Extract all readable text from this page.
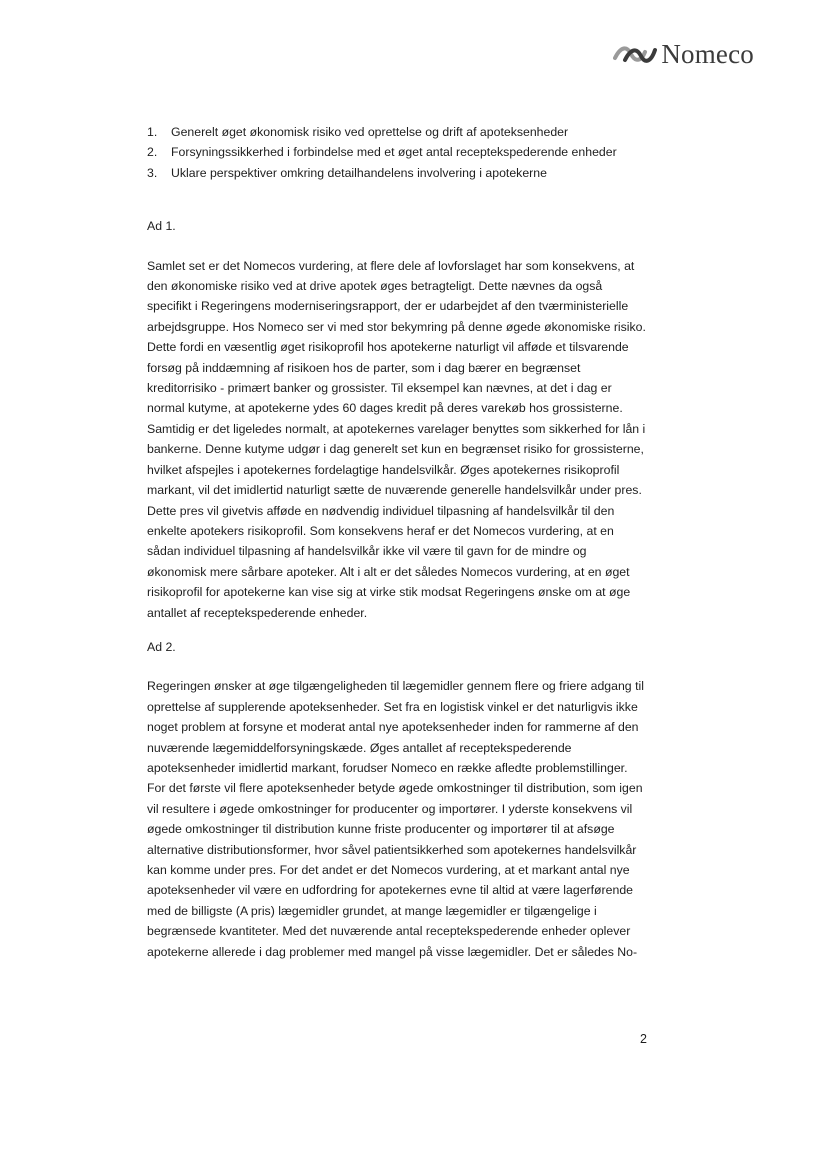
Nomeco
1.	Generelt øget økonomisk risiko ved oprettelse og drift af apoteksenheder
2.	Forsyningssikkerhed i forbindelse med et øget antal receptekspederende enheder
3.	Uklare perspektiver omkring detailhandelens involvering i apotekerne
Ad 1.

Samlet set er det Nomecos vurdering, at flere dele af lovforslaget har som konsekvens, at den økonomiske risiko ved at drive apotek øges betragteligt. Dette nævnes da også specifikt i Regeringens moderniseringsrapport, der er udarbejdet af den tværministerielle arbejdsgruppe. Hos Nomeco ser vi med stor bekymring på denne øgede økonomiske risiko. Dette fordi en væsentlig øget risikoprofil hos apotekerne naturligt vil afføde et tilsvarende forsøg på inddæmning af risikoen hos de parter, som i dag bærer en begrænset kreditorrisiko - primært banker og grossister. Til eksempel kan nævnes, at det i dag er normal kutyme, at apotekerne ydes 60 dages kredit på deres varekøb hos grossisterne. Samtidig er det ligeledes normalt, at apotekernes varelager benyttes som sikkerhed for lån i bankerne. Denne kutyme udgør i dag generelt set kun en begrænset risiko for grossisterne, hvilket afspejles i apotekernes fordelagtige handelsvilkår. Øges apotekernes risikoprofil markant, vil det imidlertid naturligt sætte de nuværende generelle handelsvilkår under pres. Dette pres vil givetvis afføde en nødvendig individuel tilpasning af handelsvilkår til den enkelte apotekers risikoprofil. Som konsekvens heraf er det Nomecos vurdering, at en sådan individuel tilpasning af handelsvilkår ikke vil være til gavn for de mindre og økonomisk mere sårbare apoteker. Alt i alt er det således Nomecos vurdering, at en øget risikoprofil for apotekerne kan vise sig at virke stik modsat Regeringens ønske om at øge antallet af receptekspederende enheder.

Ad 2.

Regeringen ønsker at øge tilgængeligheden til lægemidler gennem flere og friere adgang til oprettelse af supplerende apoteksenheder. Set fra en logistisk vinkel er det naturligvis ikke noget problem at forsyne et moderat antal nye apoteksenheder inden for rammerne af den nuværende lægemiddelforsyningskæde. Øges antallet af receptekspederende apoteksenheder imidlertid markant, forudser Nomeco en række afledte problemstillinger. For det første vil flere apoteksenheder betyde øgede omkostninger til distribution, som igen vil resultere i øgede omkostninger for producenter og importører. I yderste konsekvens vil øgede omkostninger til distribution kunne friste producenter og importører til at afsøge alternative distributionsformer, hvor såvel patientsikkerhed som apotekernes handelsvilkår kan komme under pres. For det andet er det Nomecos vurdering, at et markant antal nye apoteksenheder vil være en udfordring for apotekernes evne til altid at være lagerførende med de billigste (A pris) lægemidler grundet, at mange lægemidler er tilgængelige i begrænsede kvantiteter. Med det nuværende antal receptekspederende enheder oplever apotekerne allerede i dag problemer med mangel på visse lægemidler. Det er således No-

2
